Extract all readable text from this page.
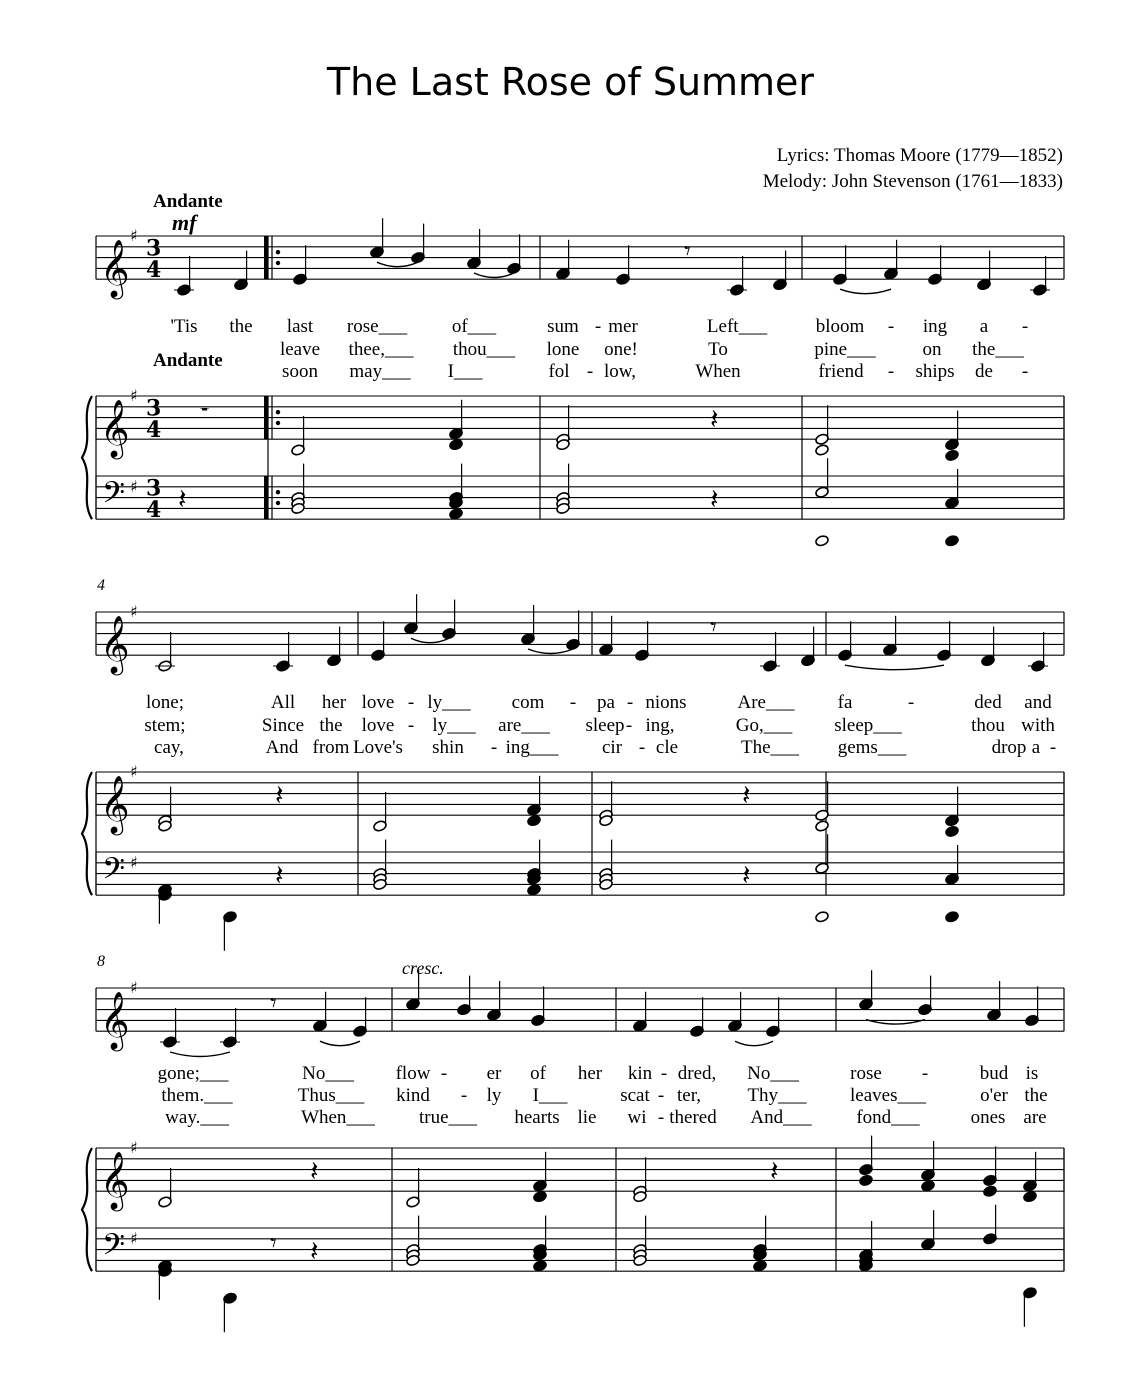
The Last Rose of Summer
Lyrics: Thomas Moore (1779—1852)
Melody: John Stevenson (1761—1833)
Andante
Andante
mf
cresc.
4
8
'Tis the last rose___ of___	sum - mer	Left___	bloom - ing a -
leave thee,___ thou___ lone one!	To	pine___ on the___
soon may___ I___	fol - low,	When	friend - ships de -
lone;	All her love - ly___ com - pa - nions	Are___ fa	-	ded and
stem;	Since the love - ly___ are___ sleep - ing,	Go,___ sleep___	thou with
cay,	And from Love's shin - ing___ cir - cle	The___ gems___	drop a -
gone;___	No___ flow - er of her kin - dred, No___	rose -	bud is
them.___	Thus___ kind - ly I___	scat - ter, Thy___ leaves___	o'er the
way.___	When___ true___ hearts lie wi - thered And___ fond___	ones are
𝄞
𝄞
𝄢
♯
♯
♯
3
4
3
4
3
4
𝄞
𝄞
𝄢
♯
♯
♯
𝄞
𝄞
𝄢
♯
♯
♯
𝄾
𝄾
𝄾
𝄻
𝄽
𝄽
𝄽
𝄽	𝄽
𝄽	𝄽
𝄽	𝄽
𝄽
𝄾
